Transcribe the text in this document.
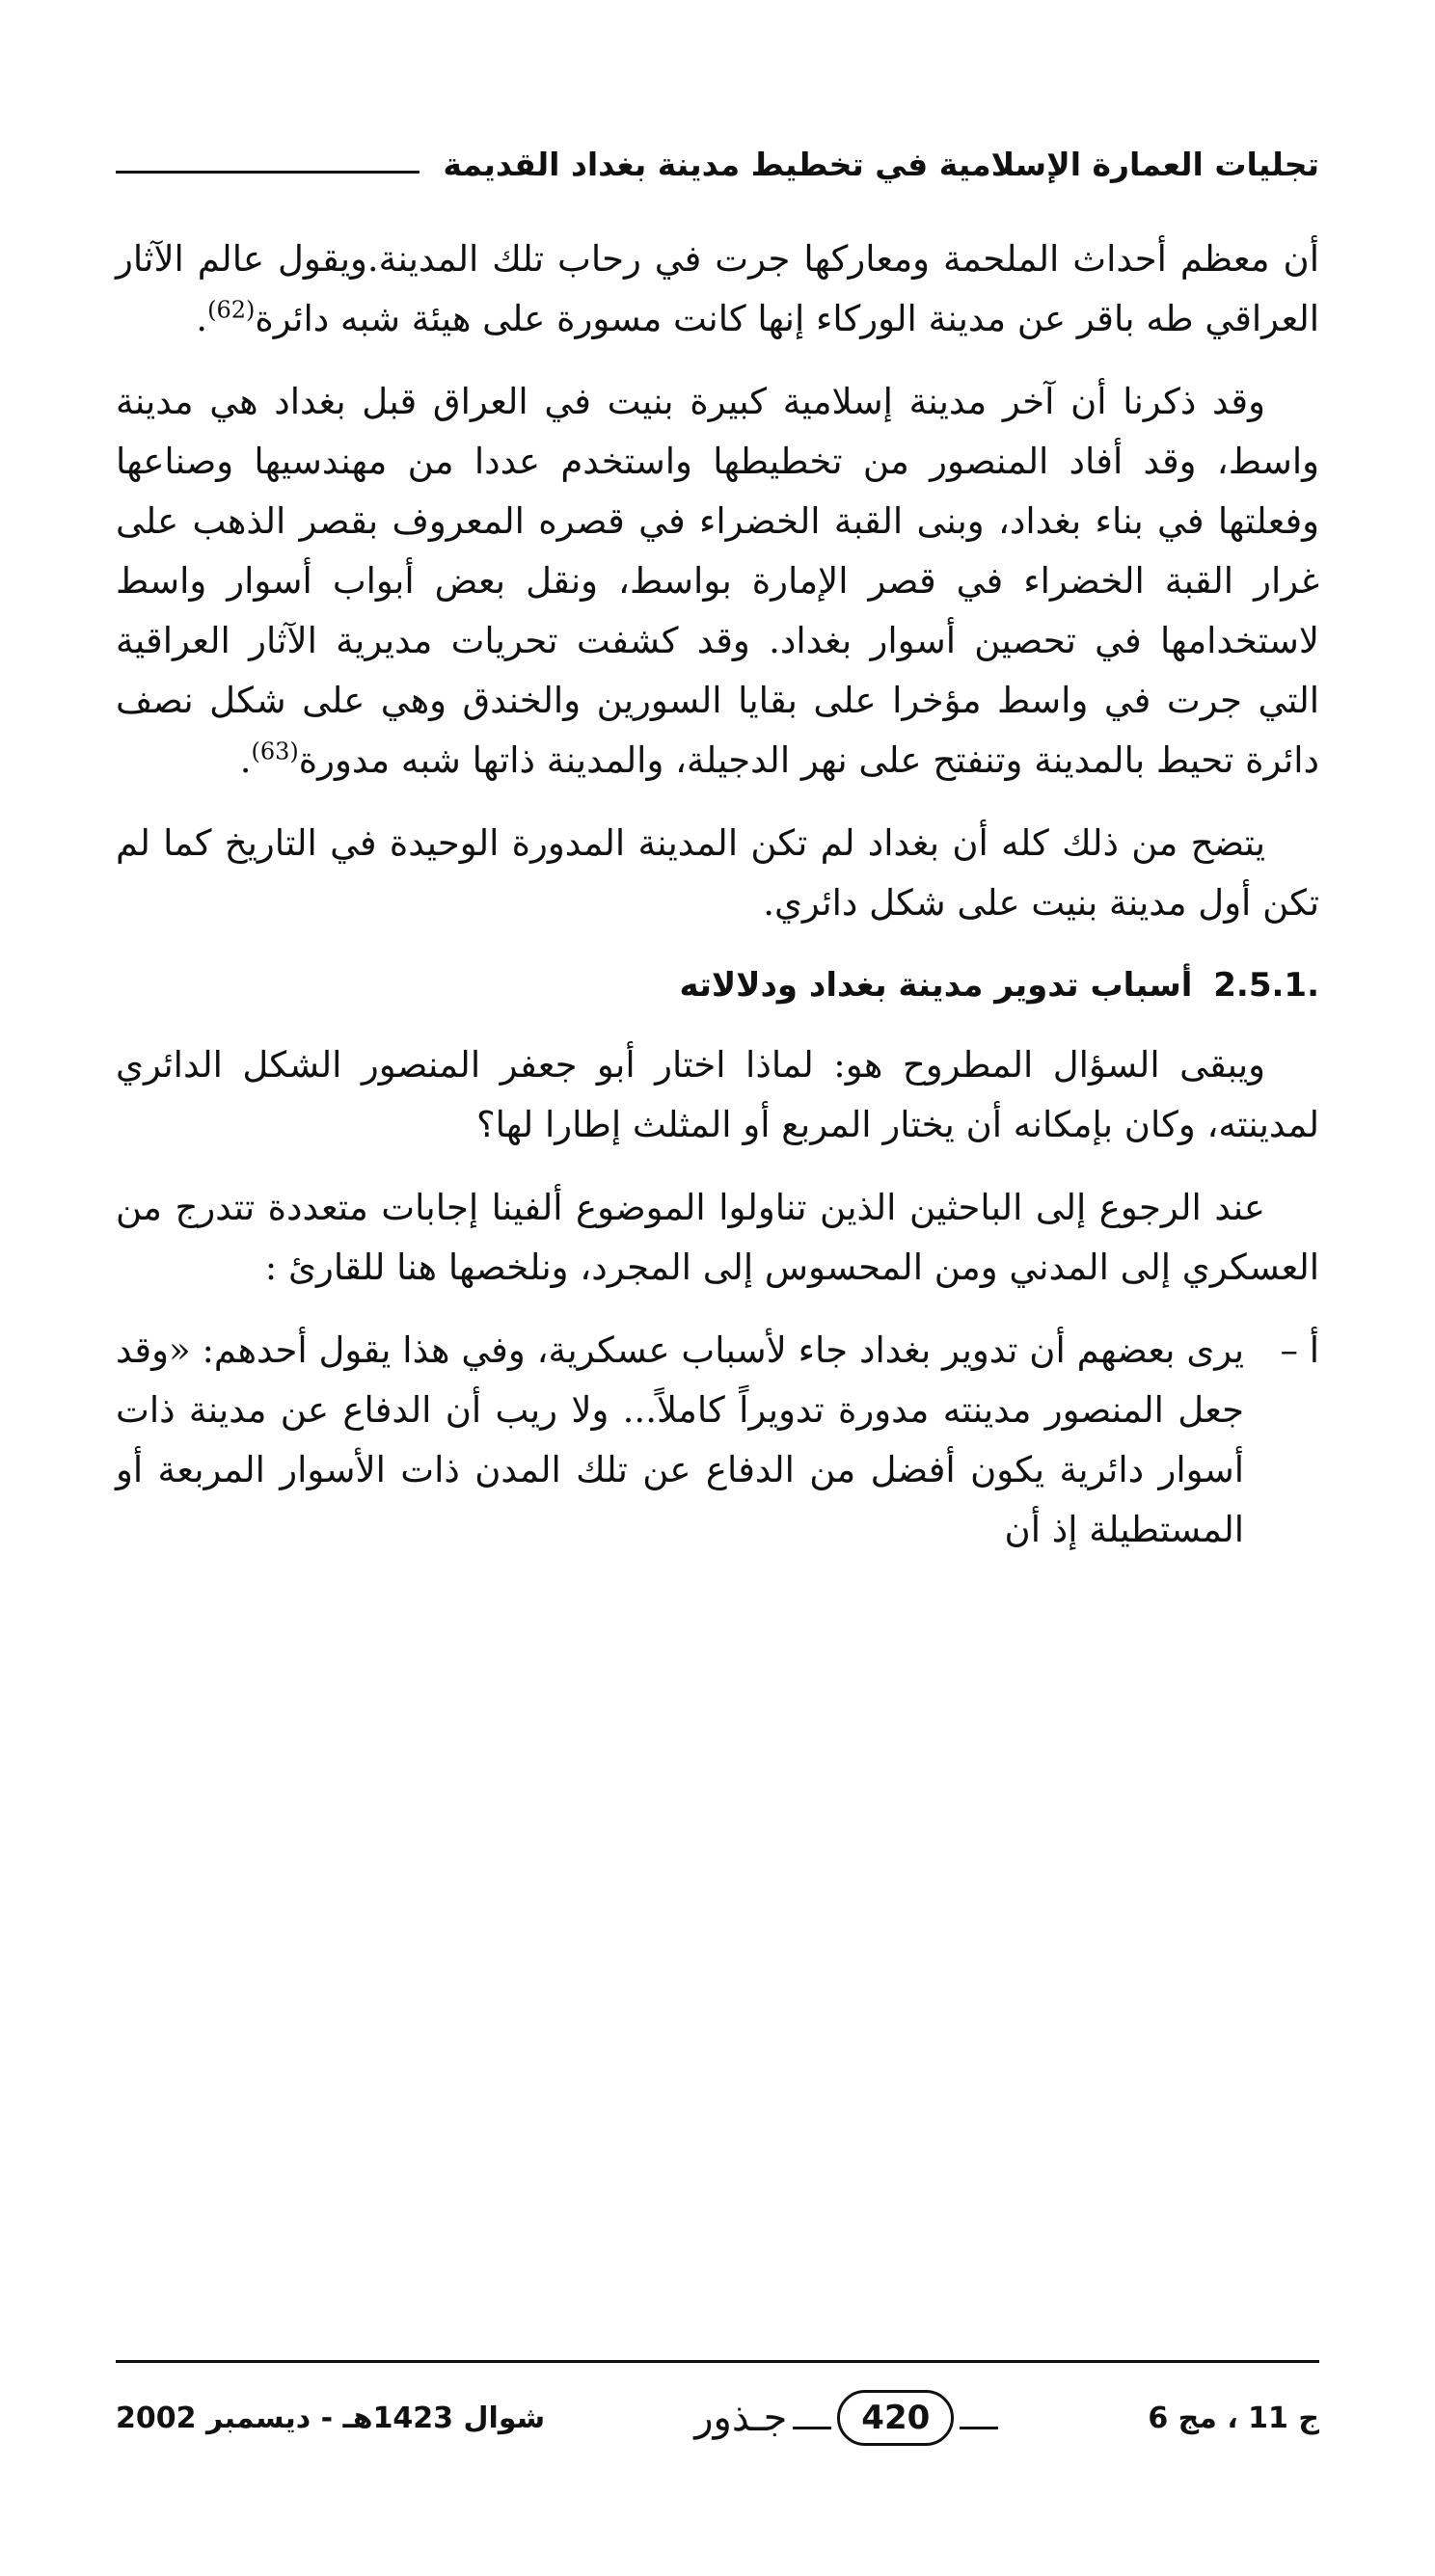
تجليات العمارة الإسلامية في تخطيط مدينة بغداد القديمة

أن معظم أحداث الملحمة ومعاركها جرت في رحاب تلك المدينة.ويقول عالم الآثار العراقي طه باقر عن مدينة الوركاء إنها كانت مسورة على هيئة شبه دائرة$^{(62)}$.

وقد ذكرنا أن آخر مدينة إسلامية كبيرة بنيت في العراق قبل بغداد هي مدينة واسط، وقد أفاد المنصور من تخطيطها واستخدم عددا من مهندسيها وصناعها وفعلتها في بناء بغداد، وبنى القبة الخضراء في قصره المعروف بقصر الذهب على غرار القبة الخضراء في قصر الإمارة بواسط، ونقل بعض أبواب أسوار واسط لاستخدامها في تحصين أسوار بغداد. وقد كشفت تحريات مديرية الآثار العراقية التي جرت في واسط مؤخرا على بقايا السورين والخندق وهي على شكل نصف دائرة تحيط بالمدينة وتنفتح على نهر الدجيلة، والمدينة ذاتها شبه مدورة$^{(63)}$.

يتضح من ذلك كله أن بغداد لم تكن المدينة المدورة الوحيدة في التاريخ كما لم تكن أول مدينة بنيت على شكل دائري.

2.5.1. أسباب تدوير مدينة بغداد ودلالاته

ويبقى السؤال المطروح هو: لماذا اختار أبو جعفر المنصور الشكل الدائري لمدينته، وكان بإمكانه أن يختار المربع أو المثلث إطارا لها؟

عند الرجوع إلى الباحثين الذين تناولوا الموضوع ألفينا إجابات متعددة تتدرج من العسكري إلى المدني ومن المحسوس إلى المجرد، ونلخصها هنا للقارئ :

أ –

يرى بعضهم أن تدوير بغداد جاء لأسباب عسكرية، وفي هذا يقول أحدهم: «وقد جعل المنصور مدينته مدورة تدويراً كاملاً... ولا ريب أن الدفاع عن مدينة ذات أسوار دائرية يكون أفضل من الدفاع عن تلك المدن ذات الأسوار المربعة أو المستطيلة إذ أن

ج 11 ، مج 6
420
جـذور
شوال 1423هـ - ديسمبر 2002
